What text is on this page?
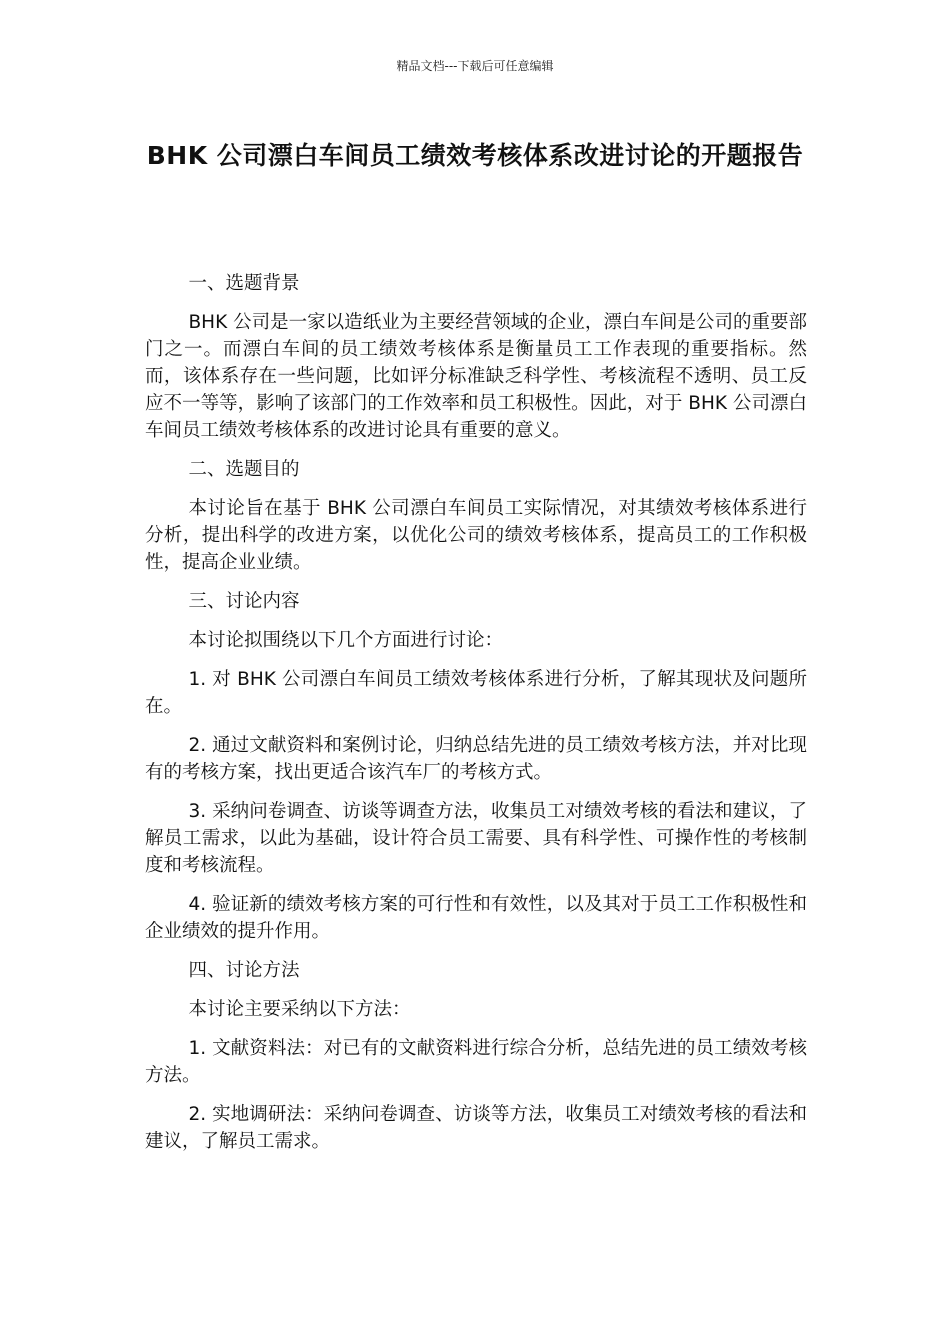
精品文档---下载后可任意编辑
BHK 公司漂白车间员工绩效考核体系改进讨论的开题报告

一、选题背景

BHK 公司是一家以造纸业为主要经营领域的企业，漂白车间是公司的重要部门之一。而漂白车间的员工绩效考核体系是衡量员工工作表现的重要指标。然而，该体系存在一些问题，比如评分标准缺乏科学性、考核流程不透明、员工反应不一等等，影响了该部门的工作效率和员工积极性。因此，对于 BHK 公司漂白车间员工绩效考核体系的改进讨论具有重要的意义。

二、选题目的

本讨论旨在基于 BHK 公司漂白车间员工实际情况，对其绩效考核体系进行分析，提出科学的改进方案，以优化公司的绩效考核体系，提高员工的工作积极性，提高企业业绩。

三、讨论内容

本讨论拟围绕以下几个方面进行讨论：

1. 对 BHK 公司漂白车间员工绩效考核体系进行分析，了解其现状及问题所在。

2. 通过文献资料和案例讨论，归纳总结先进的员工绩效考核方法，并对比现有的考核方案，找出更适合该汽车厂的考核方式。

3. 采纳问卷调查、访谈等调查方法，收集员工对绩效考核的看法和建议，了解员工需求，以此为基础，设计符合员工需要、具有科学性、可操作性的考核制度和考核流程。

4. 验证新的绩效考核方案的可行性和有效性，以及其对于员工工作积极性和企业绩效的提升作用。

四、讨论方法

本讨论主要采纳以下方法：

1. 文献资料法：对已有的文献资料进行综合分析，总结先进的员工绩效考核方法。

2. 实地调研法：采纳问卷调查、访谈等方法，收集员工对绩效考核的看法和建议，了解员工需求。
